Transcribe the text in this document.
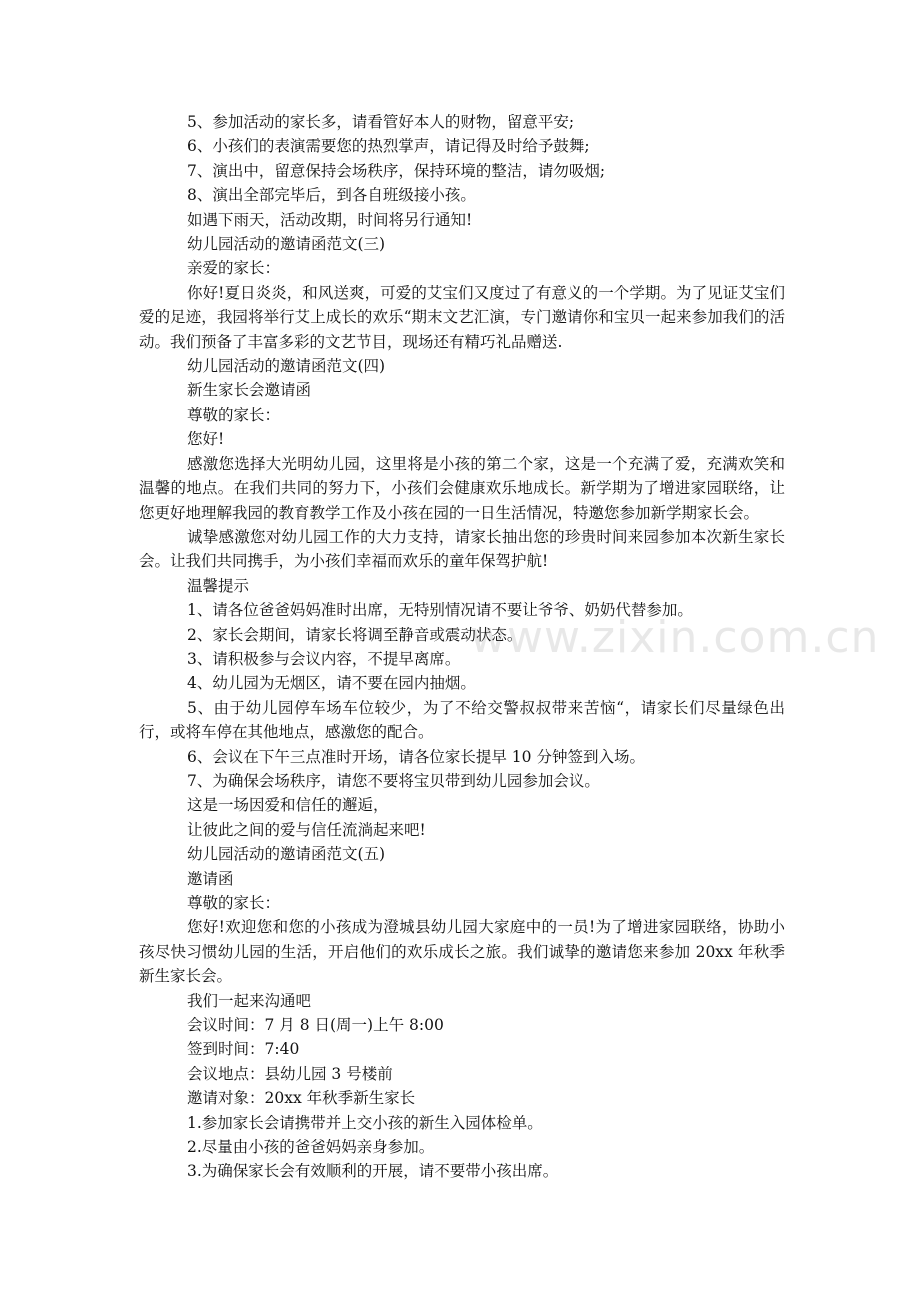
www.zixin.com.cn

5、参加活动的家长多，请看管好本人的财物，留意平安;

6、小孩们的表演需要您的热烈掌声，请记得及时给予鼓舞;

7、演出中，留意保持会场秩序，保持环境的整洁，请勿吸烟;

8、演出全部完毕后，到各自班级接小孩。

如遇下雨天，活动改期，时间将另行通知!

幼儿园活动的邀请函范文(三)

亲爱的家长：

你好!夏日炎炎，和风送爽，可爱的艾宝们又度过了有意义的一个学期。为了见证艾宝们爱的足迹，我园将举行艾上成长的欢乐“期末文艺汇演，专门邀请你和宝贝一起来参加我们的活动。我们预备了丰富多彩的文艺节目，现场还有精巧礼品赠送.

幼儿园活动的邀请函范文(四)

新生家长会邀请函

尊敬的家长：

您好!

感激您选择大光明幼儿园，这里将是小孩的第二个家，这是一个充满了爱，充满欢笑和温馨的地点。在我们共同的努力下，小孩们会健康欢乐地成长。新学期为了增进家园联络，让您更好地理解我园的教育教学工作及小孩在园的一日生活情况，特邀您参加新学期家长会。

诚挚感激您对幼儿园工作的大力支持，请家长抽出您的珍贵时间来园参加本次新生家长会。让我们共同携手，为小孩们幸福而欢乐的童年保驾护航!

温馨提示

1、请各位爸爸妈妈准时出席，无特别情况请不要让爷爷、奶奶代替参加。

2、家长会期间，请家长将调至静音或震动状态。

3、请积极参与会议内容，不提早离席。

4、幼儿园为无烟区，请不要在园内抽烟。

5、由于幼儿园停车场车位较少，为了不给交警叔叔带来苦恼“，请家长们尽量绿色出行，或将车停在其他地点，感激您的配合。

6、会议在下午三点准时开场，请各位家长提早 10 分钟签到入场。

7、为确保会场秩序，请您不要将宝贝带到幼儿园参加会议。

这是一场因爱和信任的邂逅，

让彼此之间的爱与信任流淌起来吧!

幼儿园活动的邀请函范文(五)

邀请函

尊敬的家长：

您好!欢迎您和您的小孩成为澄城县幼儿园大家庭中的一员!为了增进家园联络，协助小孩尽快习惯幼儿园的生活，开启他们的欢乐成长之旅。我们诚挚的邀请您来参加 20xx 年秋季新生家长会。

我们一起来沟通吧

会议时间：7 月 8 日(周一)上午 8:00

签到时间：7:40

会议地点：县幼儿园 3 号楼前

邀请对象：20xx 年秋季新生家长

1.参加家长会请携带并上交小孩的新生入园体检单。

2.尽量由小孩的爸爸妈妈亲身参加。

3.为确保家长会有效顺利的开展，请不要带小孩出席。
